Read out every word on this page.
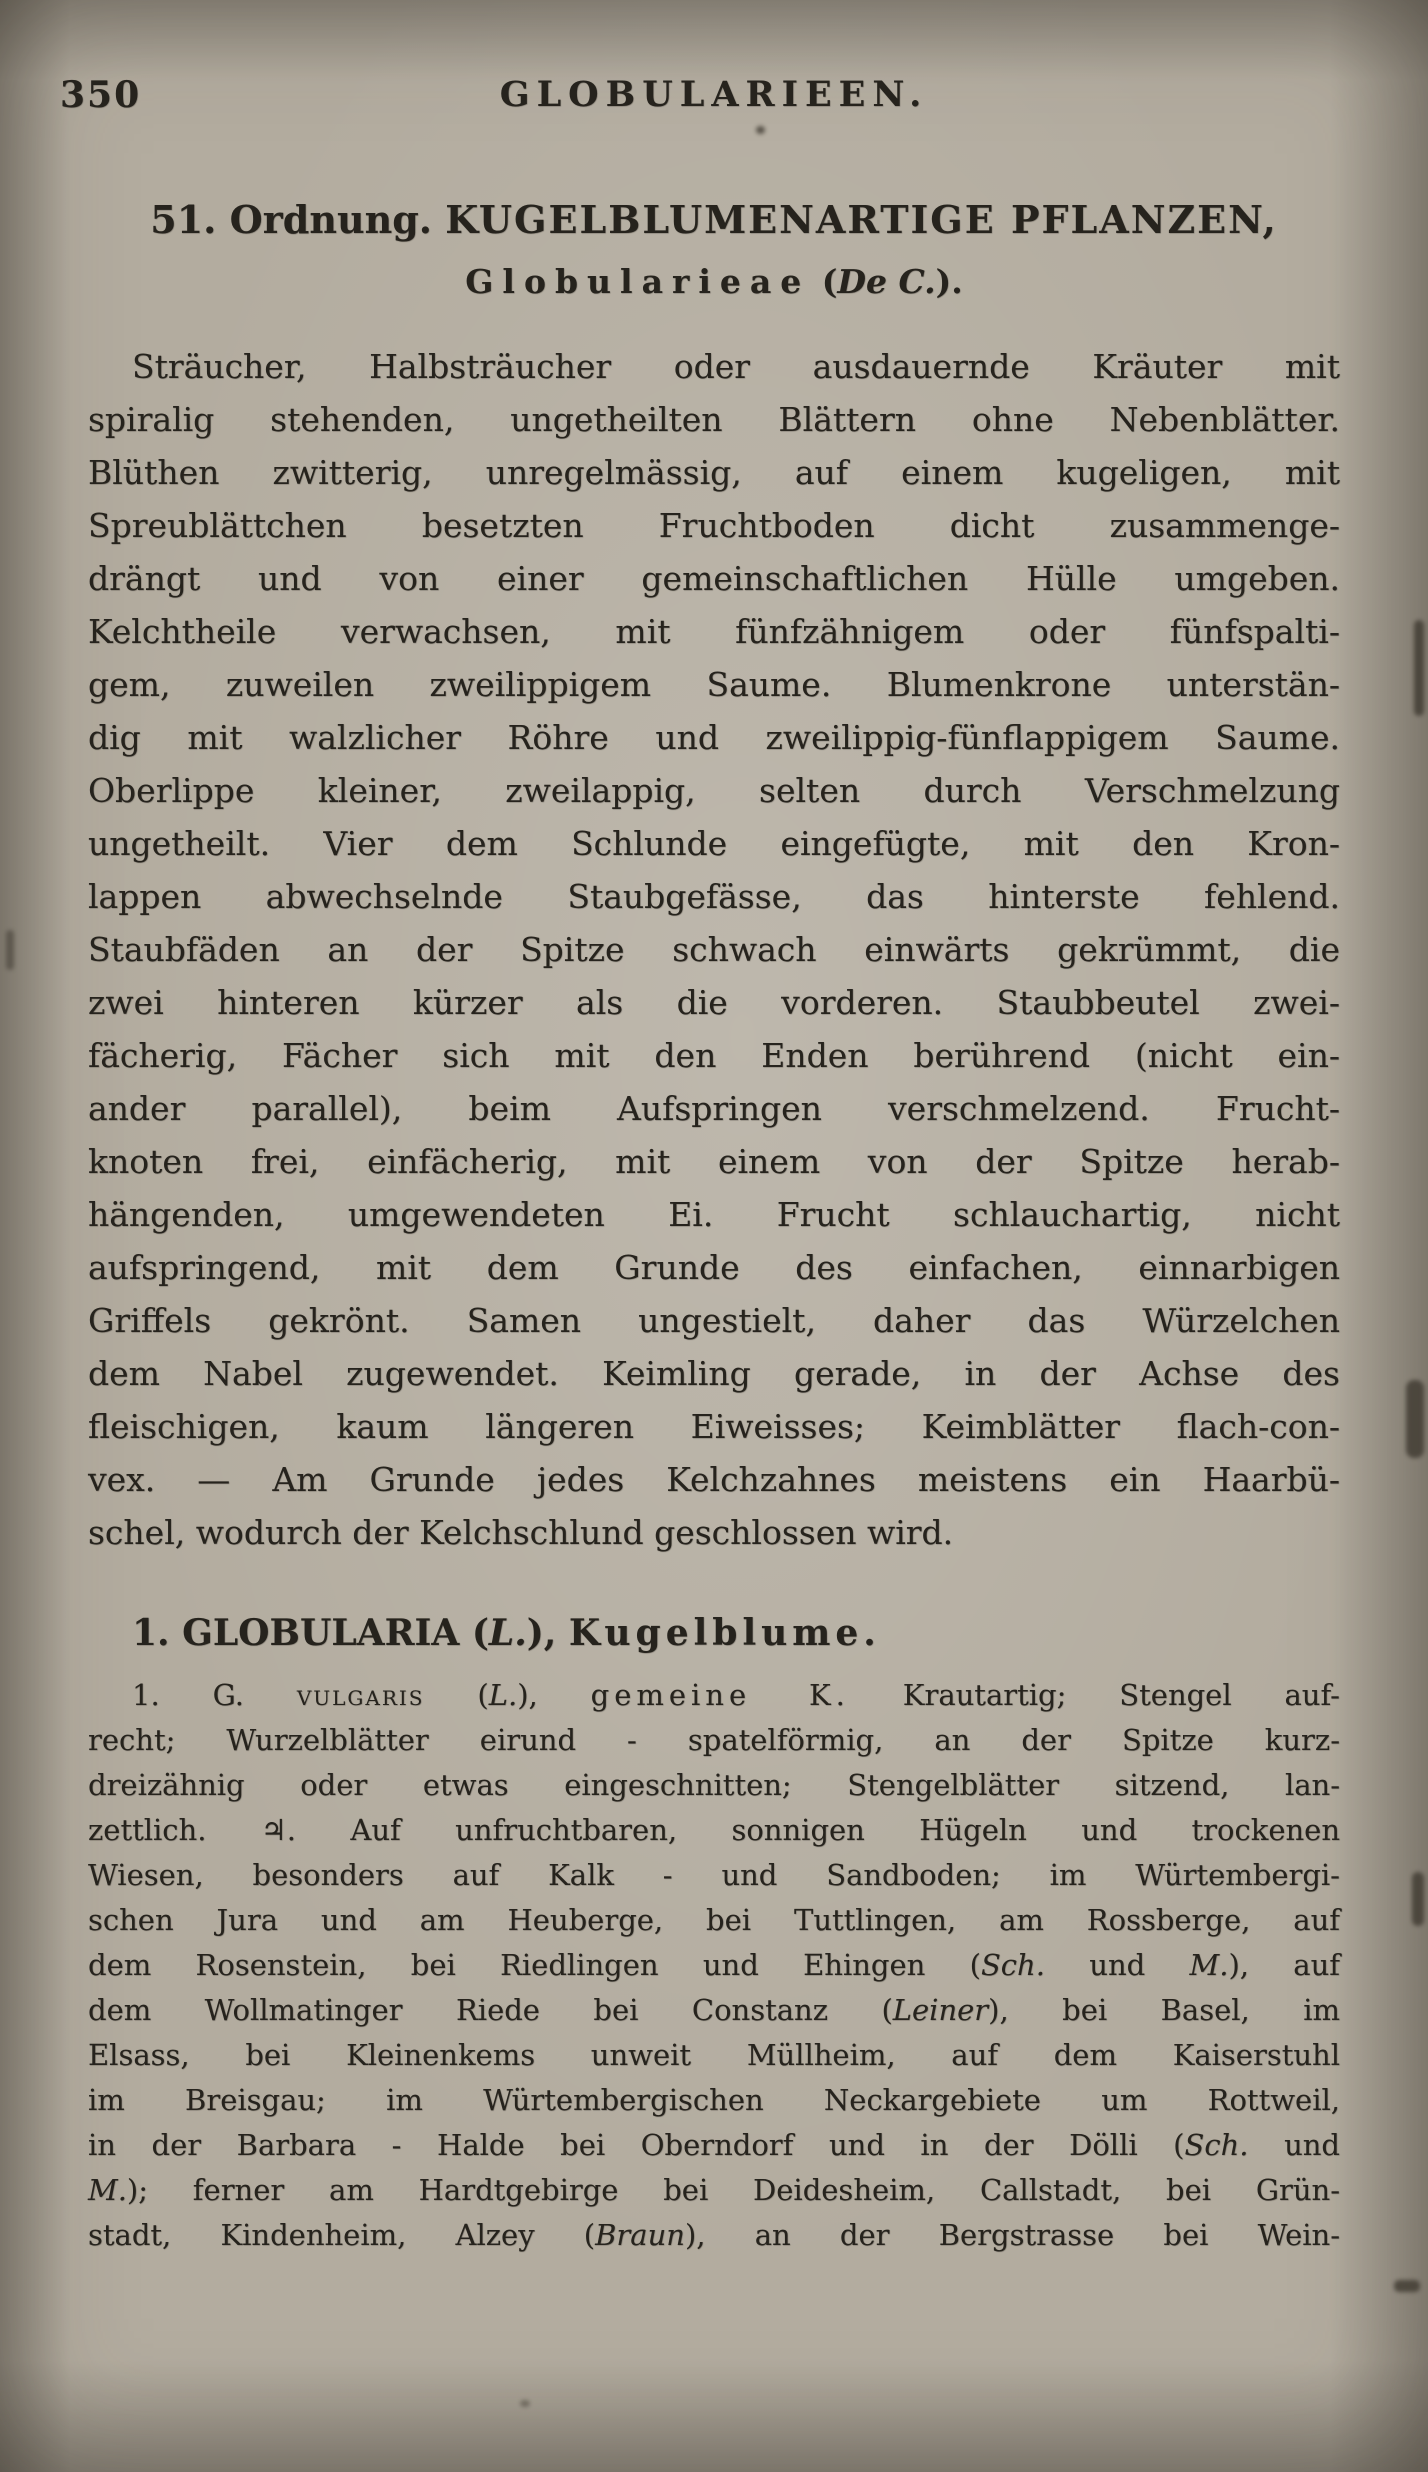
350	GLOBULARIEEN.
51. Ordnung. KUGELBLUMENARTIGE PFLANZEN,
Globularieae (De C.).
Sträucher, Halbsträucher oder ausdauernde Kräuter mit
spiralig stehenden, ungetheilten Blättern ohne Nebenblätter.
Blüthen zwitterig, unregelmässig, auf einem kugeligen, mit
Spreublättchen besetzten Fruchtboden dicht zusammenge-
drängt und von einer gemeinschaftlichen Hülle umgeben.
Kelchtheile verwachsen, mit fünfzähnigem oder fünfspalti-
gem, zuweilen zweilippigem Saume. Blumenkrone unterstän-
dig mit walzlicher Röhre und zweilippig-fünflappigem Saume.
Oberlippe kleiner, zweilappig, selten durch Verschmelzung
ungetheilt. Vier dem Schlunde eingefügte, mit den Kron-
lappen abwechselnde Staubgefässe, das hinterste fehlend.
Staubfäden an der Spitze schwach einwärts gekrümmt, die
zwei hinteren kürzer als die vorderen. Staubbeutel zwei-
fächerig, Fächer sich mit den Enden berührend (nicht ein-
ander parallel), beim Aufspringen verschmelzend. Frucht-
knoten frei, einfächerig, mit einem von der Spitze herab-
hängenden, umgewendeten Ei. Frucht schlauchartig, nicht
aufspringend, mit dem Grunde des einfachen, einnarbigen
Griffels gekrönt. Samen ungestielt, daher das Würzelchen
dem Nabel zugewendet. Keimling gerade, in der Achse des
fleischigen, kaum längeren Eiweisses; Keimblätter flach-con-
vex. — Am Grunde jedes Kelchzahnes meistens ein Haarbü-
schel, wodurch der Kelchschlund geschlossen wird.
1. GLOBULARIA (L.), Kugelblume.
1. G. vulgaris (L.), gemeine K. Krautartig; Stengel auf-
recht; Wurzelblätter eirund - spatelförmig, an der Spitze kurz-
dreizähnig oder etwas eingeschnitten; Stengelblätter sitzend, lan-
zettlich. ♃. Auf unfruchtbaren, sonnigen Hügeln und trockenen
Wiesen, besonders auf Kalk - und Sandboden; im Würtembergi-
schen Jura und am Heuberge, bei Tuttlingen, am Rossberge, auf
dem Rosenstein, bei Riedlingen und Ehingen (Sch. und M.), auf
dem Wollmatinger Riede bei Constanz (Leiner), bei Basel, im
Elsass, bei Kleinenkems unweit Müllheim, auf dem Kaiserstuhl
im Breisgau; im Würtembergischen Neckargebiete um Rottweil,
in der Barbara - Halde bei Oberndorf und in der Dölli (Sch. und
M.); ferner am Hardtgebirge bei Deidesheim, Callstadt, bei Grün-
stadt, Kindenheim, Alzey (Braun), an der Bergstrasse bei Wein-
